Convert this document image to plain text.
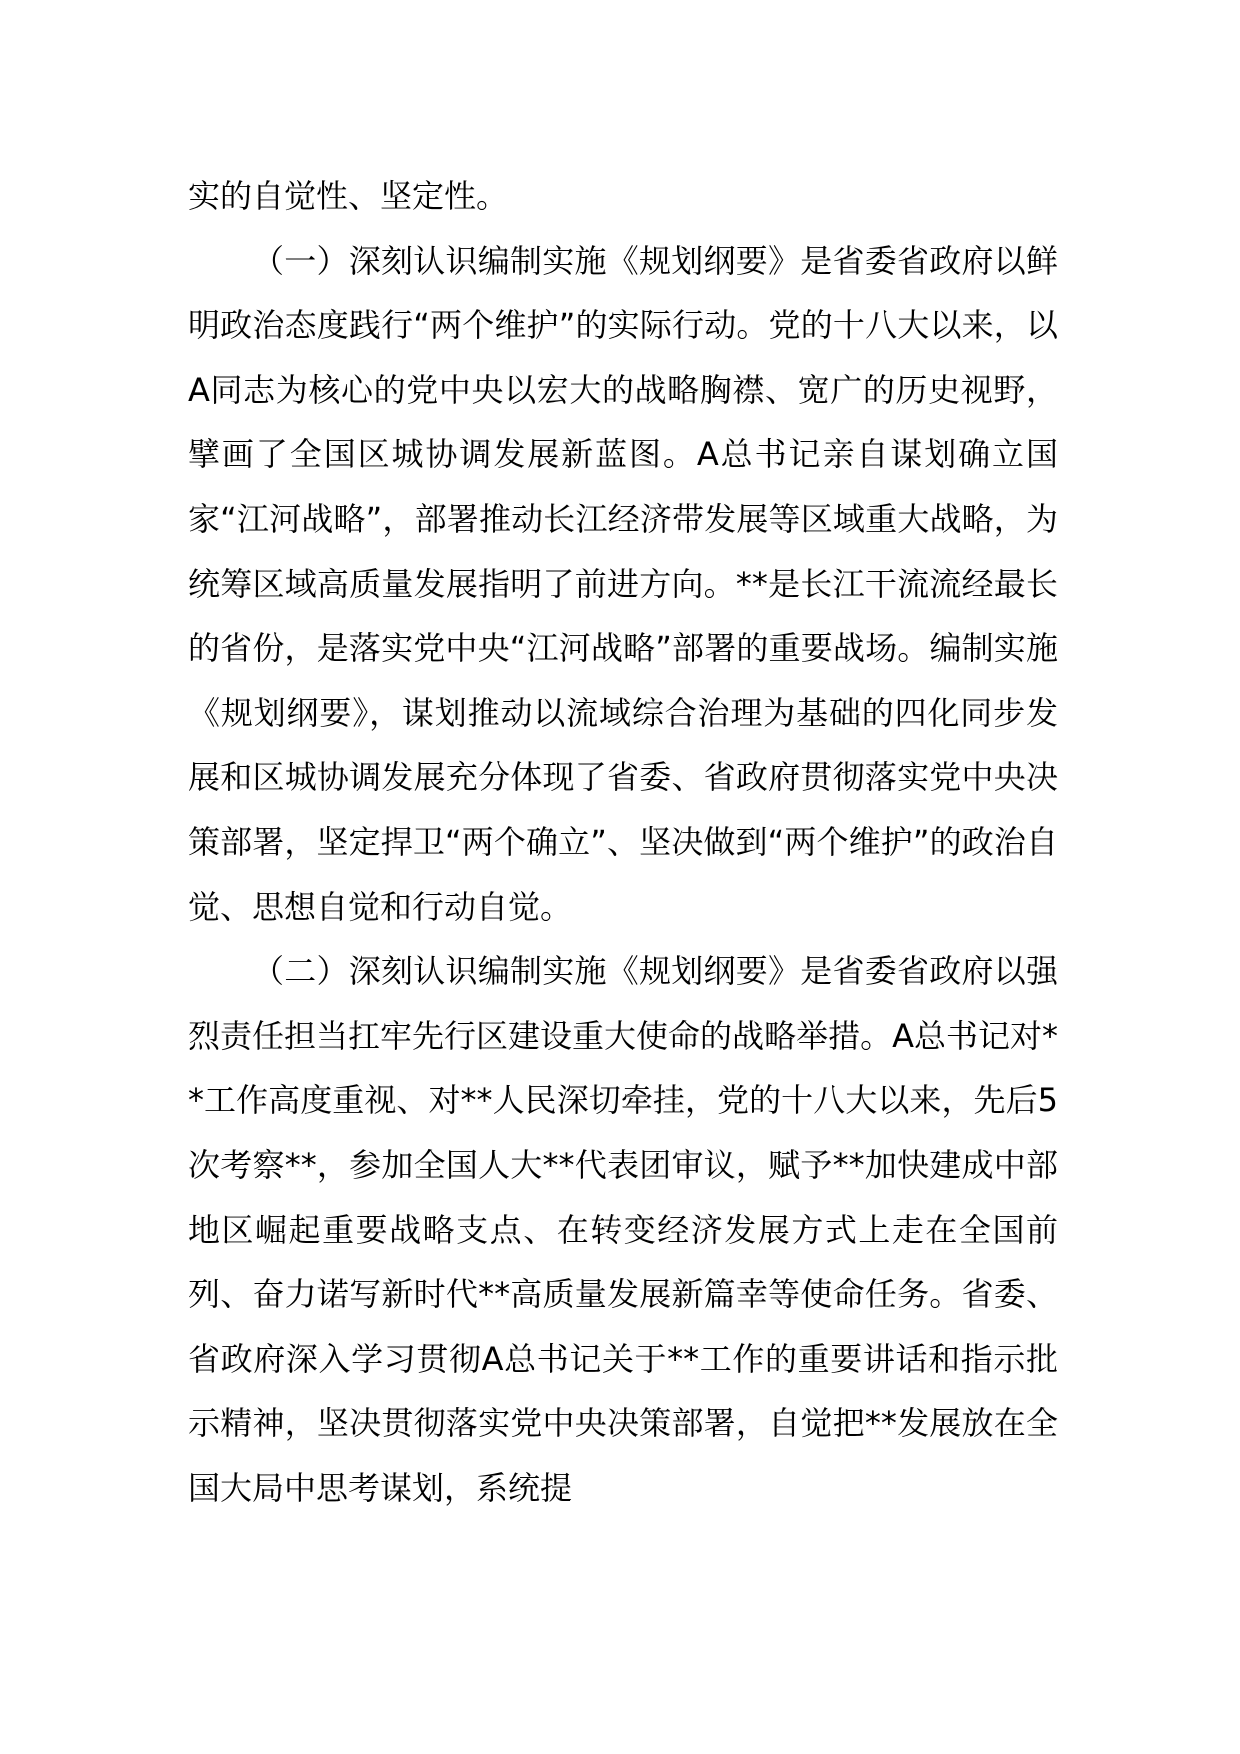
实的自觉性、坚定性。

（一）深刻认识编制实施《规划纲要》是省委省政府以鲜明政治态度践行“两个维护”的实际行动。党的十八大以来，以A同志为核心的党中央以宏大的战略胸襟、宽广的历史视野，擘画了全国区城协调发展新蓝图。A总书记亲自谋划确立国家“江河战略”，部署推动长江经济带发展等区域重大战略，为统筹区域高质量发展指明了前进方向。**是长江干流流经最长的省份，是落实党中央“江河战略”部署的重要战场。编制实施《规划纲要》，谋划推动以流域综合治理为基础的四化同步发展和区城协调发展充分体现了省委、省政府贯彻落实党中央决策部署，坚定捍卫“两个确立”、坚决做到“两个维护”的政治自觉、思想自觉和行动自觉。

（二）深刻认识编制实施《规划纲要》是省委省政府以强烈责任担当扛牢先行区建设重大使命的战略举措。A总书记对**工作高度重视、对**人民深切牵挂，党的十八大以来，先后5次考察**，参加全国人大**代表团审议，赋予**加快建成中部地区崛起重要战略支点、在转变经济发展方式上走在全国前列、奋力诺写新时代**高质量发展新篇幸等使命任务。省委、省政府深入学习贯彻A总书记关于**工作的重要讲话和指示批示精神，坚决贯彻落实党中央决策部署，自觉把**发展放在全国大局中思考谋划，系统提
